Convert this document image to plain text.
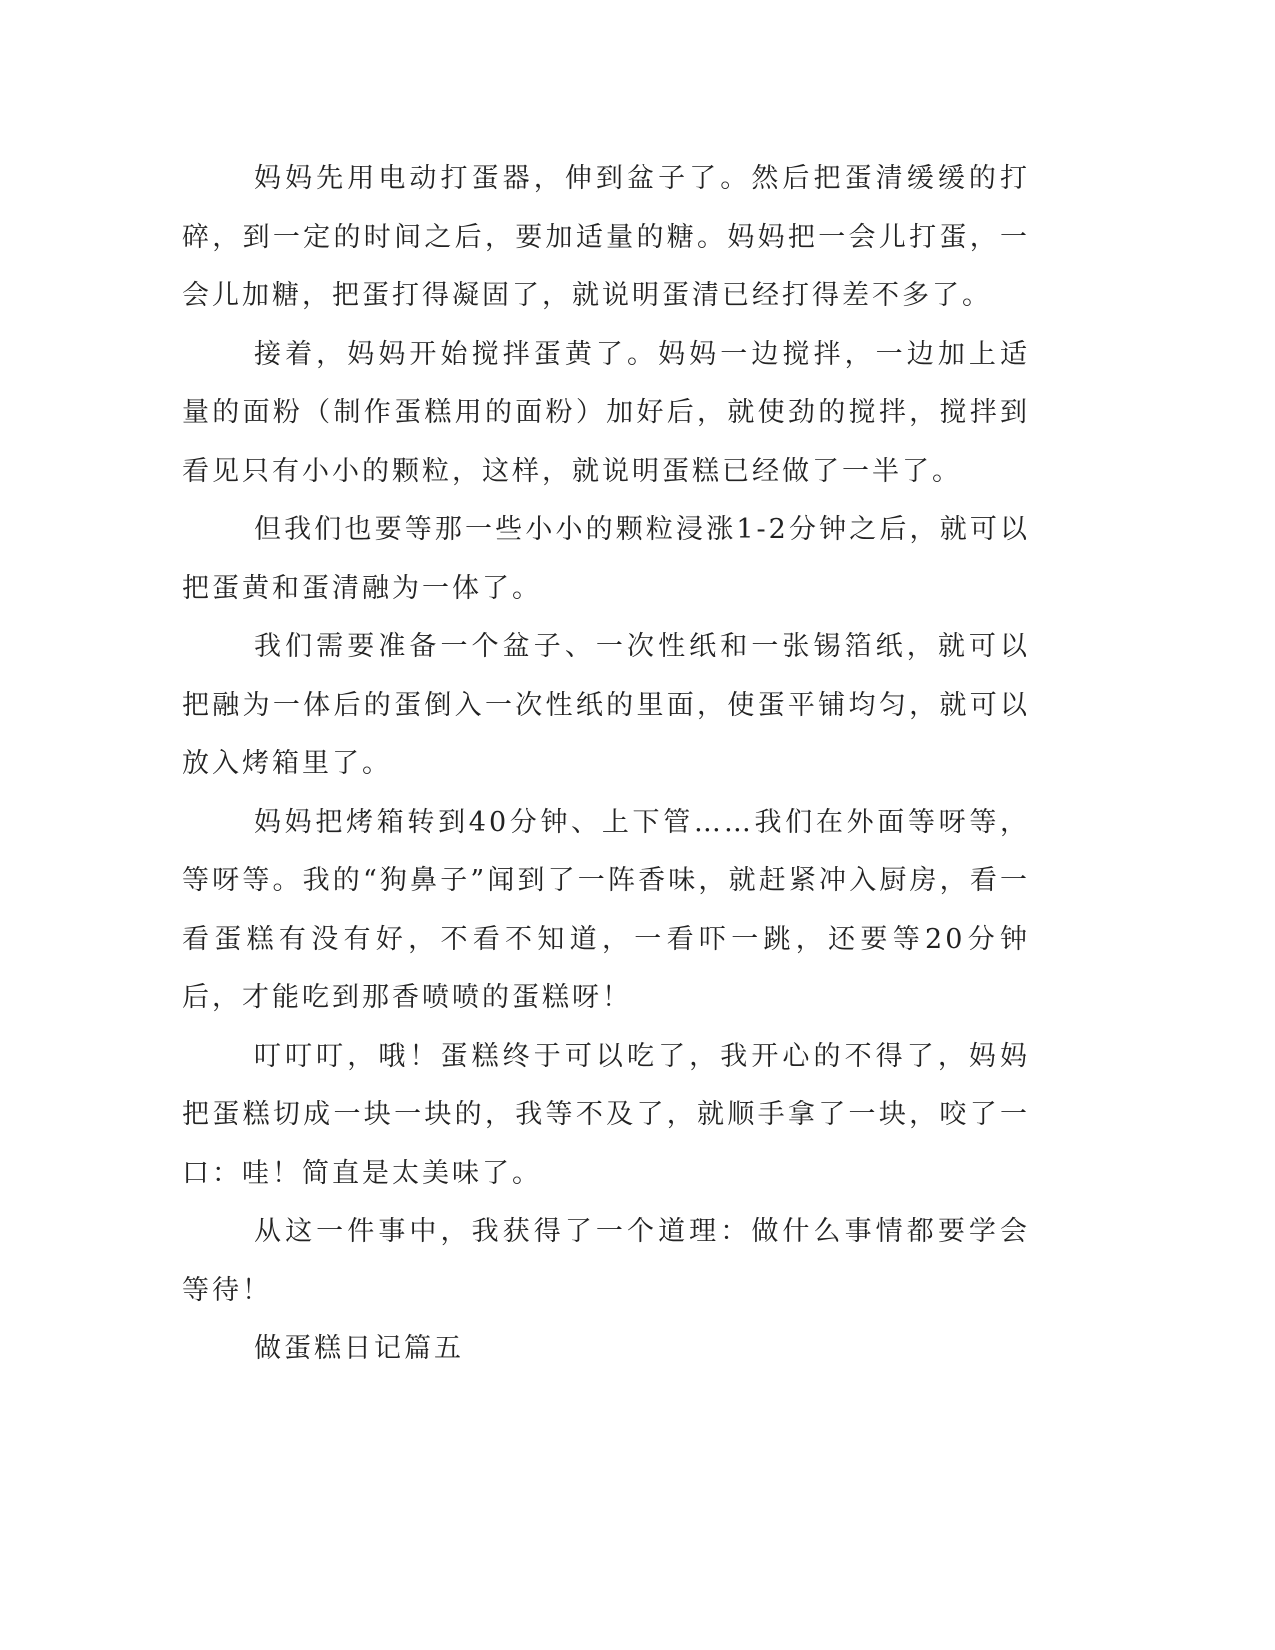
妈妈先用电动打蛋器，伸到盆子了。然后把蛋清缓缓的打碎，到一定的时间之后，要加适量的糖。妈妈把一会儿打蛋，一会儿加糖，把蛋打得凝固了，就说明蛋清已经打得差不多了。

接着，妈妈开始搅拌蛋黄了。妈妈一边搅拌，一边加上适量的面粉（制作蛋糕用的面粉）加好后，就使劲的搅拌，搅拌到看见只有小小的颗粒，这样，就说明蛋糕已经做了一半了。

但我们也要等那一些小小的颗粒浸涨1-2分钟之后，就可以把蛋黄和蛋清融为一体了。

我们需要准备一个盆子、一次性纸和一张锡箔纸，就可以把融为一体后的蛋倒入一次性纸的里面，使蛋平铺均匀，就可以放入烤箱里了。

妈妈把烤箱转到40分钟、上下管……我们在外面等呀等，等呀等。我的“狗鼻子”闻到了一阵香味，就赶紧冲入厨房，看一看蛋糕有没有好，不看不知道，一看吓一跳，还要等20分钟后，才能吃到那香喷喷的蛋糕呀！

叮叮叮，哦！蛋糕终于可以吃了，我开心的不得了，妈妈把蛋糕切成一块一块的，我等不及了，就顺手拿了一块，咬了一口：哇！简直是太美味了。

从这一件事中，我获得了一个道理：做什么事情都要学会等待！

做蛋糕日记篇五
